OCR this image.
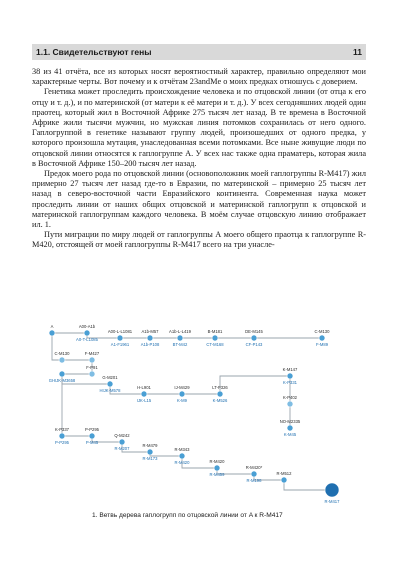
1.1. Свидетельствуют гены	11

38 из 41 отчёта, все из которых носят вероятностный характер, правильно определяют мои характерные черты. Вот почему и к отчётам 23andMe о моих предках отношусь с доверием.

Генетика может проследить происхождение человека и по отцовской линии (от отца к его отцу и т. д.), и по материнской (от матери к её матери и т. д.). У всех сегодняшних людей один праотец, который жил в Восточной Африке 275 тысяч лет назад. В те времена в Восточной Африке жили тысячи мужчин, но мужская линия потомков сохранилась от него одного. Гаплогруппой в генетике называют группу людей, произошедших от одного предка, у которого произошла мутация, унаследованная всеми потомками. Все ныне живущие люди по отцовской линии относятся к гаплогруппе A. У всех нас также одна праматерь, которая жила в Восточной Африке 150–200 тысяч лет назад.

Предок моего рода по отцовской линии (основоположник моей гаплогруппы R-M417) жил примерно 27 тысяч лет назад где-то в Евразии, по материнской – примерно 25 тысяч лет назад в северо-восточной части Евразийского континента. Современная наука может проследить линии от наших общих отцовской и материнской гаплогрупп к отцовской и материнской гаплогруппам каждого человека. В моём случае отцовскую линию отображает ил. 1.

Пути миграции по миру людей от гаплогруппы А моего общего праотца к гаплогруппе R-M420, отстоящей от моей гаплогруппы R-M417 всего на три унасле-

A	A00-A1b
A0-T-L1085
A00-L-L1081
A1-F1961
A1b-M57
A1b-P108
A1b-L-L419
BT-M42
B-M181
CT-M168
DE-M145
CF-P143
C-M130
F-M89
C-M130	F-M427
F-P91
GHIJK-M3658
G-M201
HIJK-M578
H-L901
IJK-L15
IJ-M429
K-M9
LT-P326
K-M526
K-M147
K-P331
K-P402
NO-M2335
K-M45
K-P337
P-P295
P-P295
P-M45
Q-M242
R-M207
R-M479
R-M173
R-M343
R-M420	R-M420
R-M459
R-M420*
R-M198
R-M512
R-M417
1. Ветвь дерева гаплогрупп по отцовской линии от A к R-M417
